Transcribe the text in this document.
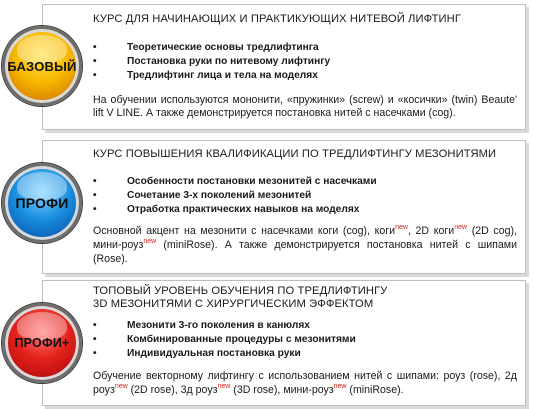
КУРС ДЛЯ НАЧИНАЮЩИХ И ПРАКТИКУЮЩИХ НИТЕВОЙ ЛИФТИНГ
•	Теоретические основы тредлифтинга
•	Постановка руки по нитевому лифтингу
•	Тредлифтинг лица и тела на моделях
На обучении используются мононити, «пружинки» (screw) и «косички» (twin) Beaute' lift V LINE. А также демонстрируется постановка нитей с насечками (cog).
БАЗОВЫЙ
КУРС ПОВЫШЕНИЯ КВАЛИФИКАЦИИ ПО ТРЕДЛИФТИНГУ МЕЗОНИТЯМИ
•	Особенности постановки мезонитей с насечками
•	Сочетание 3-х поколений мезонитей
•	Отработка практических навыков на моделях
Основной акцент на мезонити с насечками коги (cog), коги$^{new}$, 2D коги$^{new}$ (2D cog), мини-роуз$^{new}$ (miniRose). А также демонстрируется постановка нитей с шипами (Rose).
ПРОФИ
ТОПОВЫЙ УРОВЕНЬ ОБУЧЕНИЯ ПО ТРЕДЛИФТИНГУ
3D МЕЗОНИТЯМИ С ХИРУРГИЧЕСКИМ ЭФФЕКТОМ
•	Мезонити 3-го поколения в канюлях
•	Комбинированные процедуры с мезонитями
•	Индивидуальная постановка руки
Обучение векторному лифтингу с использованием нитей с шипами: роуз (rose), 2д роуз$^{new}$ (2D rose), 3д роуз$^{new}$ (3D rose), мини-роуз$^{new}$ (miniRose).
ПРОФИ+
